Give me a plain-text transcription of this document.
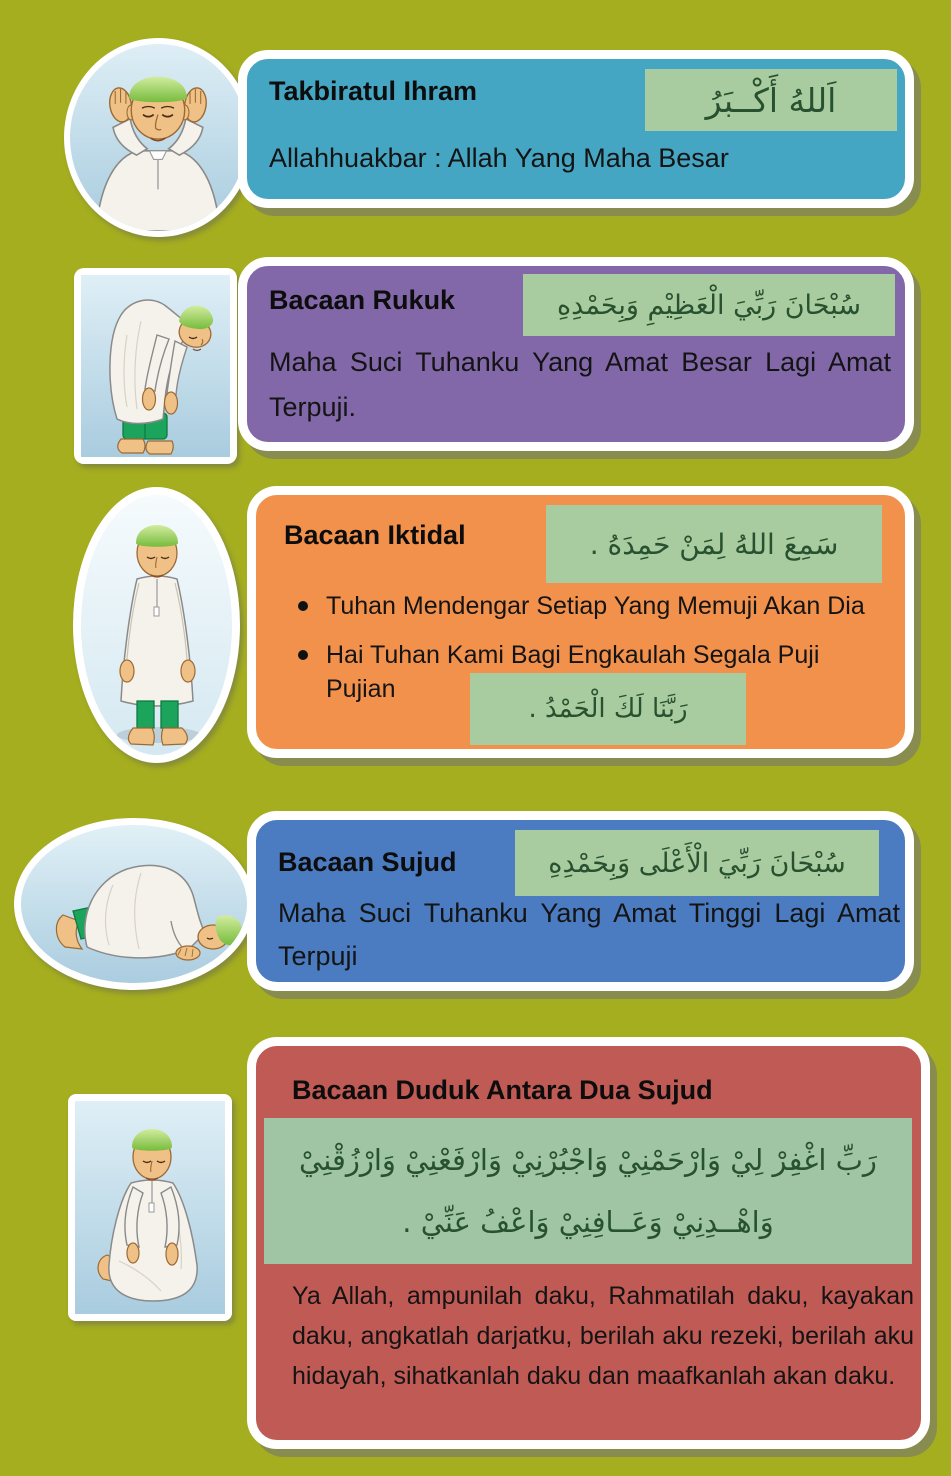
Takbiratul Ihram	اَللهُ أَكْــبَرُ
Allahhuakbar : Allah Yang Maha Besar
Bacaan Rukuk	سُبْحَانَ رَبِّيَ الْعَظِيْمِ وَبِحَمْدِهِ
Maha Suci Tuhanku Yang Amat Besar Lagi Amat Terpuji.
Bacaan Iktidal	سَمِعَ اللهُ لِمَنْ حَمِدَهُ .
Tuhan Mendengar Setiap Yang Memuji Akan Dia
Hai Tuhan Kami Bagi Engkaulah Segala Puji Pujian
رَبَّنَا لَكَ الْحَمْدُ .
Bacaan Sujud	سُبْحَانَ رَبِّيَ الْأَعْلَى وَبِحَمْدِهِ
Maha Suci Tuhanku Yang Amat Tinggi Lagi Amat Terpuji
Bacaan Duduk Antara Dua Sujud
رَبِّ اغْفِرْ لِيْ وَارْحَمْنِيْ وَاجْبُرْنِيْ وَارْفَعْنِيْ وَارْزُقْنِيْ وَاهْــدِنِيْ وَعَــافِنِيْ وَاعْفُ عَنِّيْ .
Ya Allah, ampunilah daku, Rahmatilah daku, kayakan daku, angkatlah darjatku, berilah aku rezeki, berilah aku hidayah, sihatkanlah daku dan maafkanlah akan daku.
